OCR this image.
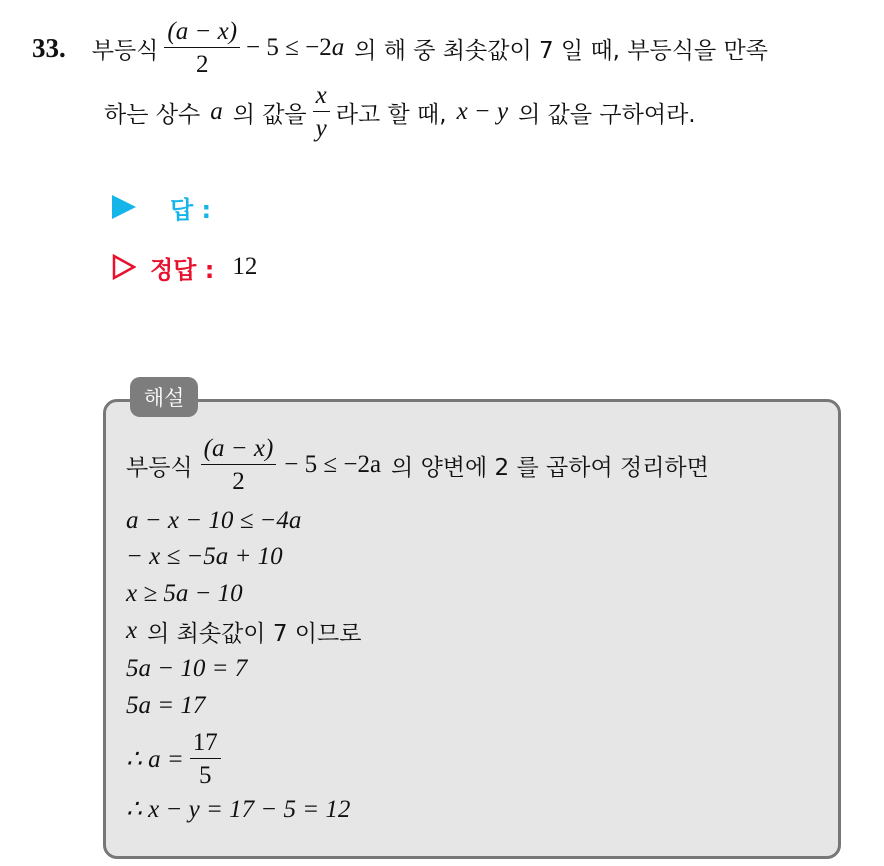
33. 부등식 $\frac{(a - x)}{2} - 5 \le -2$ a 의 해 중 최솟값이 7 일 때, 부등식을 만족
하는 상수 a 의 값을 $\frac{x}{y}$ 라고 할 때, x − y 의 값을 구하여라.
답 :
정답 : 12
해설
부등식 $\frac{(a - x)}{2} - 5 \le -2a$ 의 양변에 2 를 곱하여 정리하면
a − x − 10 ≤ −4a
− x ≤ −5a + 10
x ≥ 5a − 10
x 의 최솟값이 7 이므로
5a − 10 = 7
5a = 17
∴ $a = \frac{17}{5}$
∴ x − y = 17 − 5 = 12
